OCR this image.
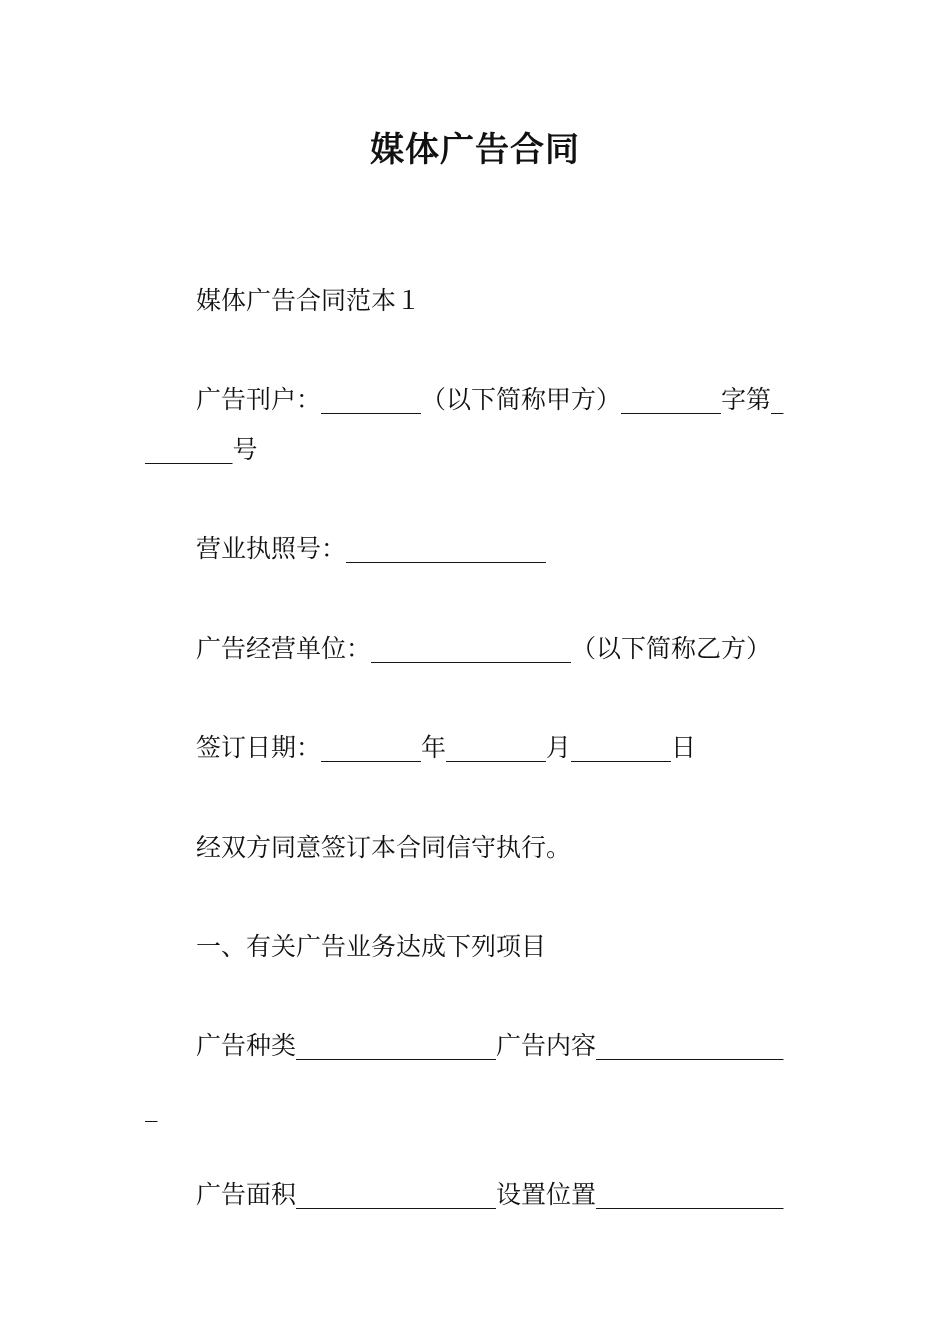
媒体广告合同
媒体广告合同范本１
广告刊户：________（以下简称甲方）________字第_
_______号
营业执照号：________________
广告经营单位：________________（以下简称乙方）
签订日期：________年________月________日
经双方同意签订本合同信守执行。
一、有关广告业务达成下列项目
广告种类________________广告内容_______________
_
广告面积________________设置位置_______________
